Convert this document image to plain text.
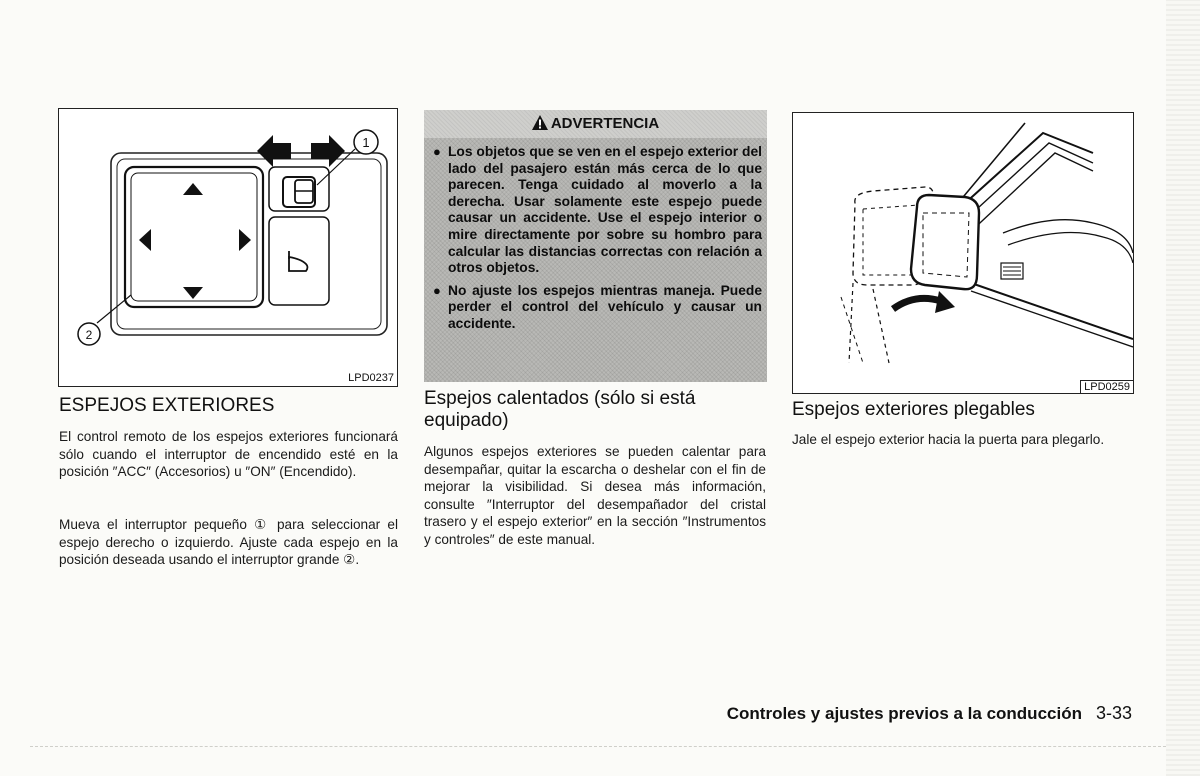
1
2
LPD0237
ESPEJOS EXTERIORES

El control remoto de los espejos exteriores funcionará sólo cuando el interruptor de encendido esté en la posición ″ACC″ (Accesorios) u ″ON″ (Encendido).

Mueva el interruptor pequeño ① para seleccionar el espejo derecho o izquierdo. Ajuste cada espejo en la posición deseada usando el interruptor grande ②.

ADVERTENCIA

● Los objetos que se ven en el espejo exterior del lado del pasajero están más cerca de lo que parecen. Tenga cuidado al moverlo a la derecha. Usar solamente este espejo puede causar un accidente. Use el espejo interior o mire directamente por sobre su hombro para calcular las distancias correctas con relación a otros objetos.

● No ajuste los espejos mientras maneja. Puede perder el control del vehículo y causar un accidente.

Espejos calentados (sólo si está equipado)

Algunos espejos exteriores se pueden calentar para desempañar, quitar la escarcha o deshelar con el fin de mejorar la visibilidad. Si desea más información, consulte ″Interruptor del desempañador del cristal trasero y el espejo exterior″ en la sección ″Instrumentos y controles″ de este manual.

LPD0259
Espejos exteriores plegables

Jale el espejo exterior hacia la puerta para plegarlo.

Controles y ajustes previos a la conducción 3-33
